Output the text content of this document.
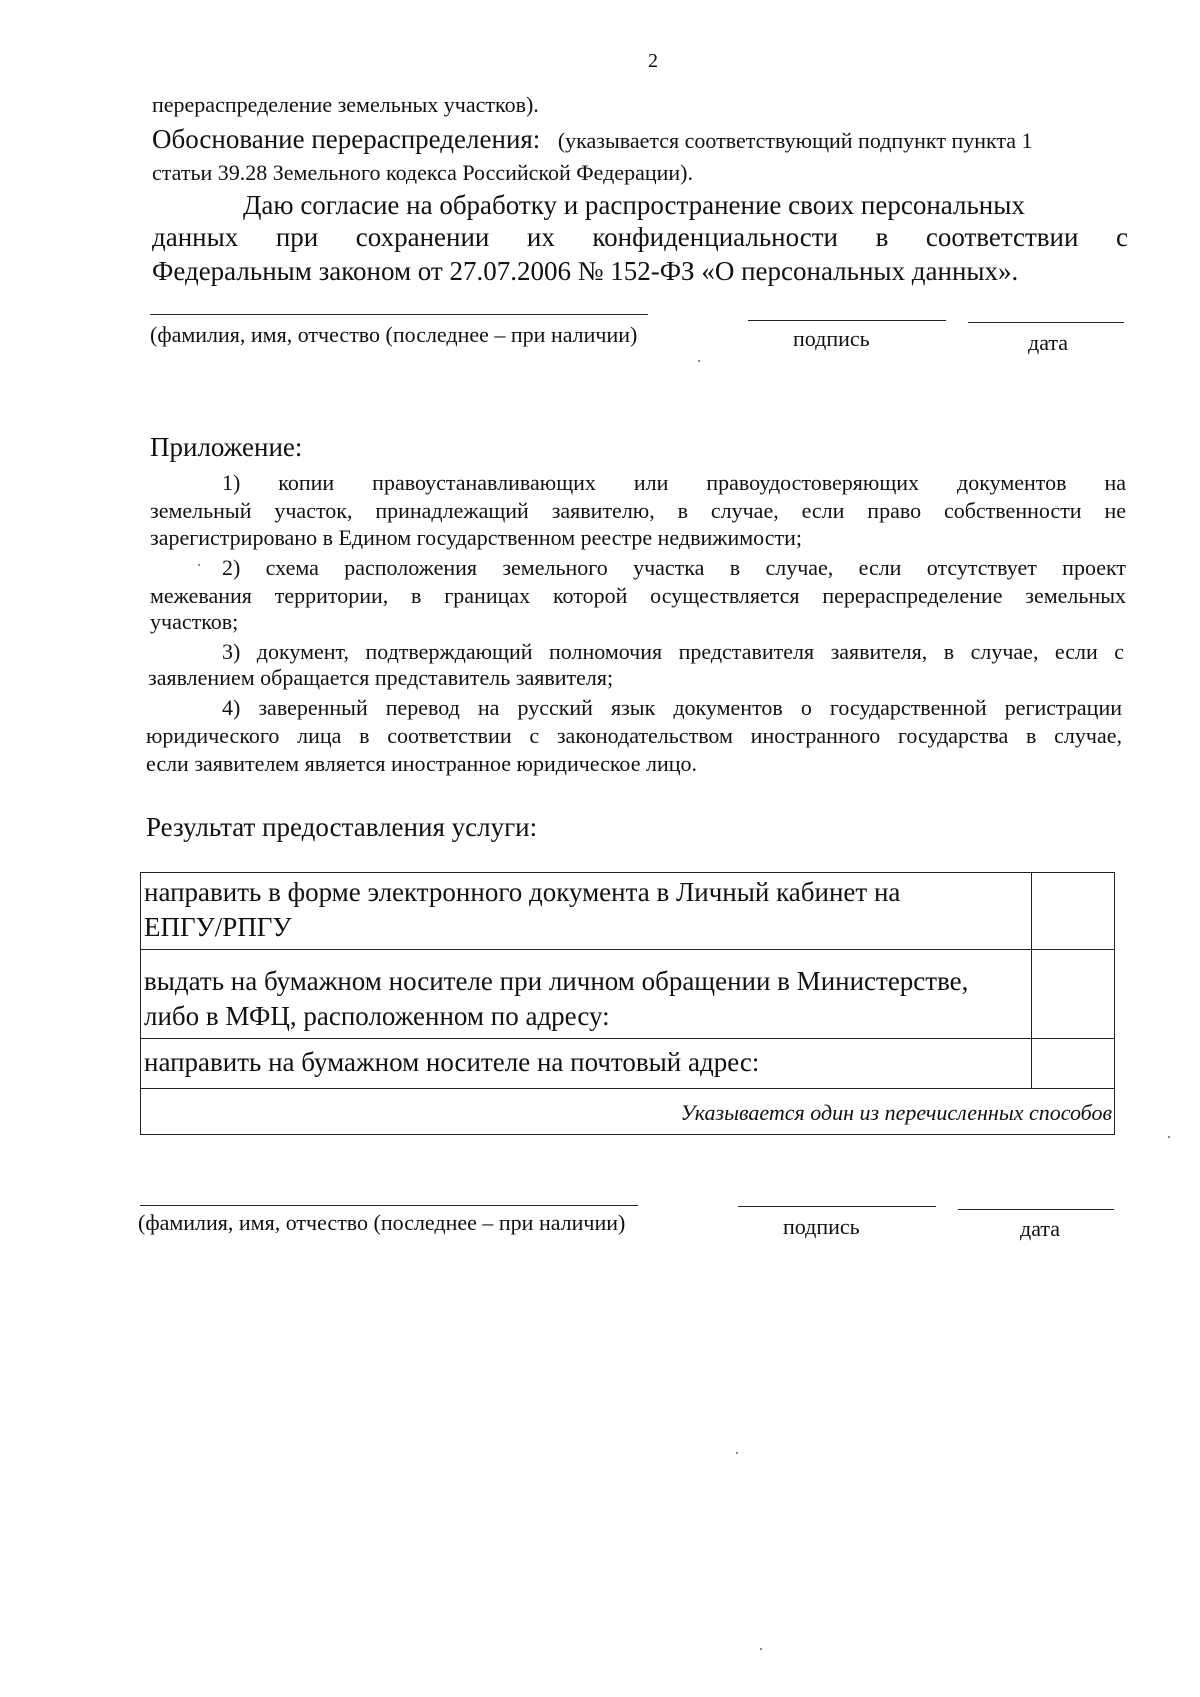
2
перераспределение земельных участков).
Обоснование перераспределения: (указывается соответствующий подпункт пункта 1
статьи 39.28 Земельного кодекса Российской Федерации).
Даю согласие на обработку и распространение своих персональных
данных при сохранении их конфиденциальности в соответствии с
Федеральным законом от 27.07.2006 № 152-ФЗ «О персональных данных».
(фамилия, имя, отчество (последнее – при наличии)	подпись	дата
Приложение:
1) копии правоустанавливающих или правоудостоверяющих документов на
земельный участок, принадлежащий заявителю, в случае, если право собственности не
зарегистрировано в Едином государственном реестре недвижимости;
2) схема расположения земельного участка в случае, если отсутствует проект
межевания территории, в границах которой осуществляется перераспределение земельных
участков;
3) документ, подтверждающий полномочия представителя заявителя, в случае, если с
заявлением обращается представитель заявителя;
4) заверенный перевод на русский язык документов о государственной регистрации
юридического лица в соответствии с законодательством иностранного государства в случае,
если заявителем является иностранное юридическое лицо.
Результат предоставления услуги:
направить в форме электронного документа в Личный кабинет на ЕПГУ/РПГУ	
выдать на бумажном носителе при личном обращении в Министерстве, либо в МФЦ, расположенном по адресу:	
направить на бумажном носителе на почтовый адрес:	
Указывается один из перечисленных способов	
(фамилия, имя, отчество (последнее – при наличии)	подпись	дата
